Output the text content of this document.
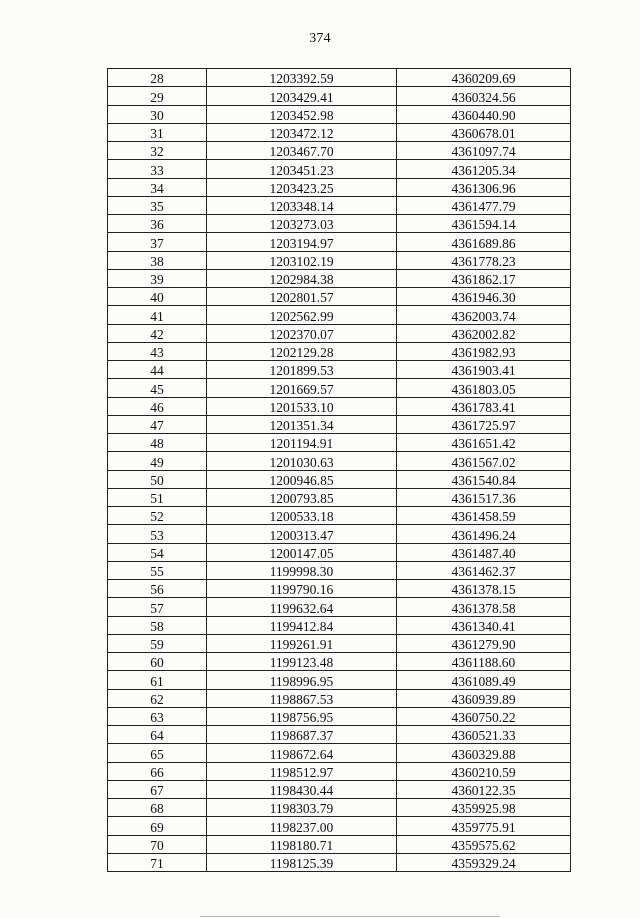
374
28	1203392.59	4360209.69
29	1203429.41	4360324.56
30	1203452.98	4360440.90
31	1203472.12	4360678.01
32	1203467.70	4361097.74
33	1203451.23	4361205.34
34	1203423.25	4361306.96
35	1203348.14	4361477.79
36	1203273.03	4361594.14
37	1203194.97	4361689.86
38	1203102.19	4361778.23
39	1202984.38	4361862.17
40	1202801.57	4361946.30
41	1202562.99	4362003.74
42	1202370.07	4362002.82
43	1202129.28	4361982.93
44	1201899.53	4361903.41
45	1201669.57	4361803.05
46	1201533.10	4361783.41
47	1201351.34	4361725.97
48	1201194.91	4361651.42
49	1201030.63	4361567.02
50	1200946.85	4361540.84
51	1200793.85	4361517.36
52	1200533.18	4361458.59
53	1200313.47	4361496.24
54	1200147.05	4361487.40
55	1199998.30	4361462.37
56	1199790.16	4361378.15
57	1199632.64	4361378.58
58	1199412.84	4361340.41
59	1199261.91	4361279.90
60	1199123.48	4361188.60
61	1198996.95	4361089.49
62	1198867.53	4360939.89
63	1198756.95	4360750.22
64	1198687.37	4360521.33
65	1198672.64	4360329.88
66	1198512.97	4360210.59
67	1198430.44	4360122.35
68	1198303.79	4359925.98
69	1198237.00	4359775.91
70	1198180.71	4359575.62
71	1198125.39	4359329.24
